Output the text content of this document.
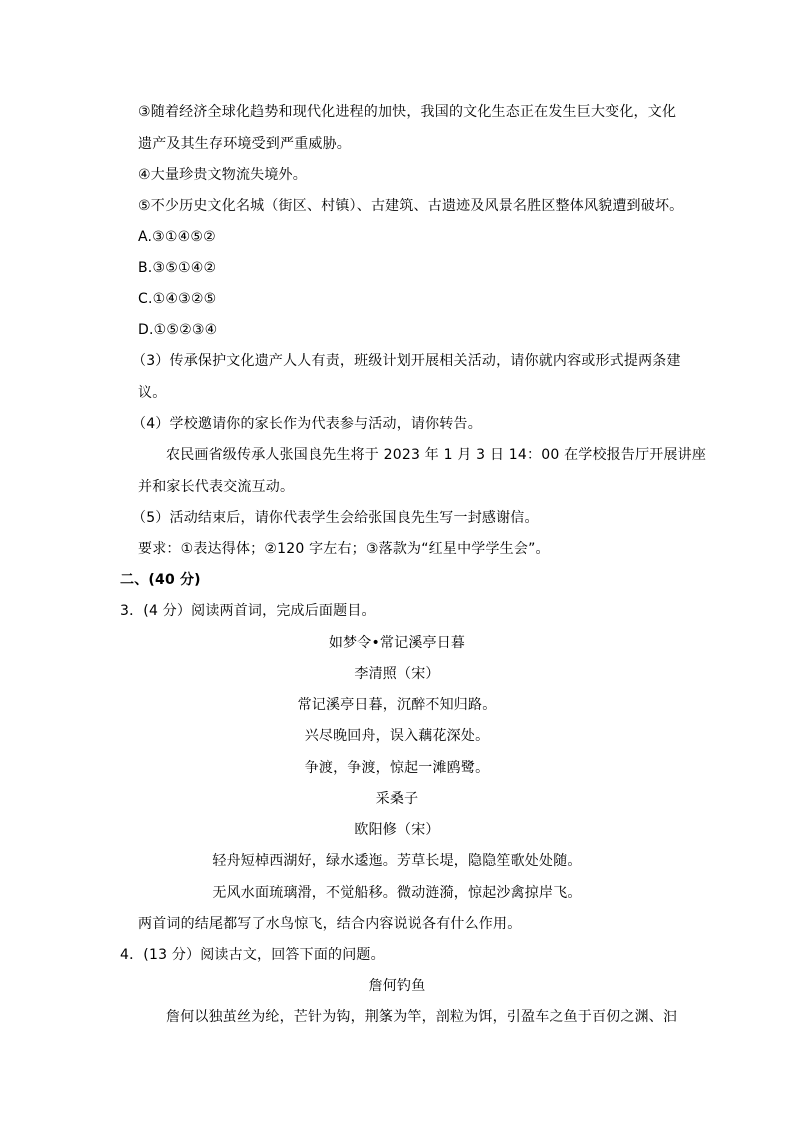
③随着经济全球化趋势和现代化进程的加快，我国的文化生态正在发生巨大变化，文化
遗产及其生存环境受到严重威胁。
④大量珍贵文物流失境外。
⑤不少历史文化名城（街区、村镇）、古建筑、古遗迹及风景名胜区整体风貌遭到破坏。
A.③①④⑤②
B.③⑤①④②
C.①④③②⑤
D.①⑤②③④
（3）传承保护文化遗产人人有责，班级计划开展相关活动，请你就内容或形式提两条建
议。
（4）学校邀请你的家长作为代表参与活动，请你转告。
农民画省级传承人张国良先生将于 2023 年 1 月 3 日 14：00 在学校报告厅开展讲座
并和家长代表交流互动。
（5）活动结束后，请你代表学生会给张国良先生写一封感谢信。
要求：①表达得体；②120 字左右；③落款为“红星中学学生会”。
二、(40 分)
3．(4 分）阅读两首词，完成后面题目。
如梦令•常记溪亭日暮
李清照（宋）
常记溪亭日暮，沉醉不知归路。
兴尽晚回舟，误入藕花深处。
争渡，争渡，惊起一滩鸥鹭。
采桑子
欧阳修（宋）
轻舟短棹西湖好，绿水逶迤。芳草长堤，隐隐笙歌处处随。
无风水面琉璃滑，不觉船移。微动涟漪，惊起沙禽掠岸飞。
两首词的结尾都写了水鸟惊飞，结合内容说说各有什么作用。
4．(13 分）阅读古文，回答下面的问题。
詹何钓鱼
詹何以独茧丝为纶，芒针为钩，荆筿为竿，剖粒为饵，引盈车之鱼于百仞之渊、汩
